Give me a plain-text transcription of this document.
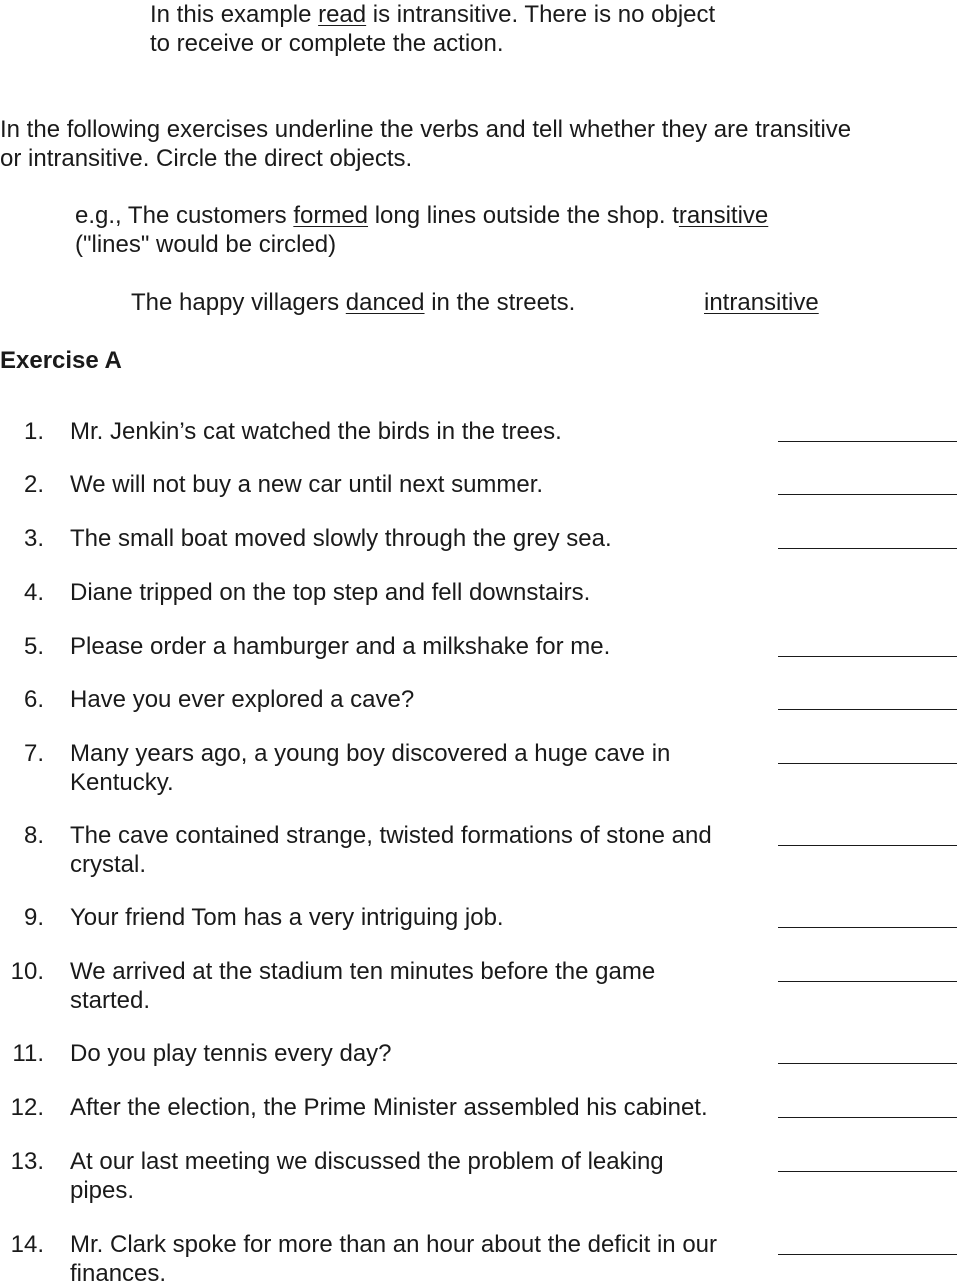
In this example read is intransitive. There is no object
to receive or complete the action.
In the following exercises underline the verbs and tell whether they are transitive
or intransitive. Circle the direct objects.
e.g., The customers formed long lines outside the shop. transitive
("lines" would be circled)
The happy villagers danced in the streets.	intransitive
Exercise A
1. Mr. Jenkin’s cat watched the birds in the trees.
2. We will not buy a new car until next summer.
3. The small boat moved slowly through the grey sea.
4. Diane tripped on the top step and fell downstairs.
5. Please order a hamburger and a milkshake for me.
6. Have you ever explored a cave?
7. Many years ago, a young boy discovered a huge cave in Kentucky.
8. The cave contained strange, twisted formations of stone and crystal.
9. Your friend Tom has a very intriguing job.
10. We arrived at the stadium ten minutes before the game started.
11. Do you play tennis every day?
12. After the election, the Prime Minister assembled his cabinet.
13. At our last meeting we discussed the problem of leaking pipes.
14. Mr. Clark spoke for more than an hour about the deficit in our finances.
